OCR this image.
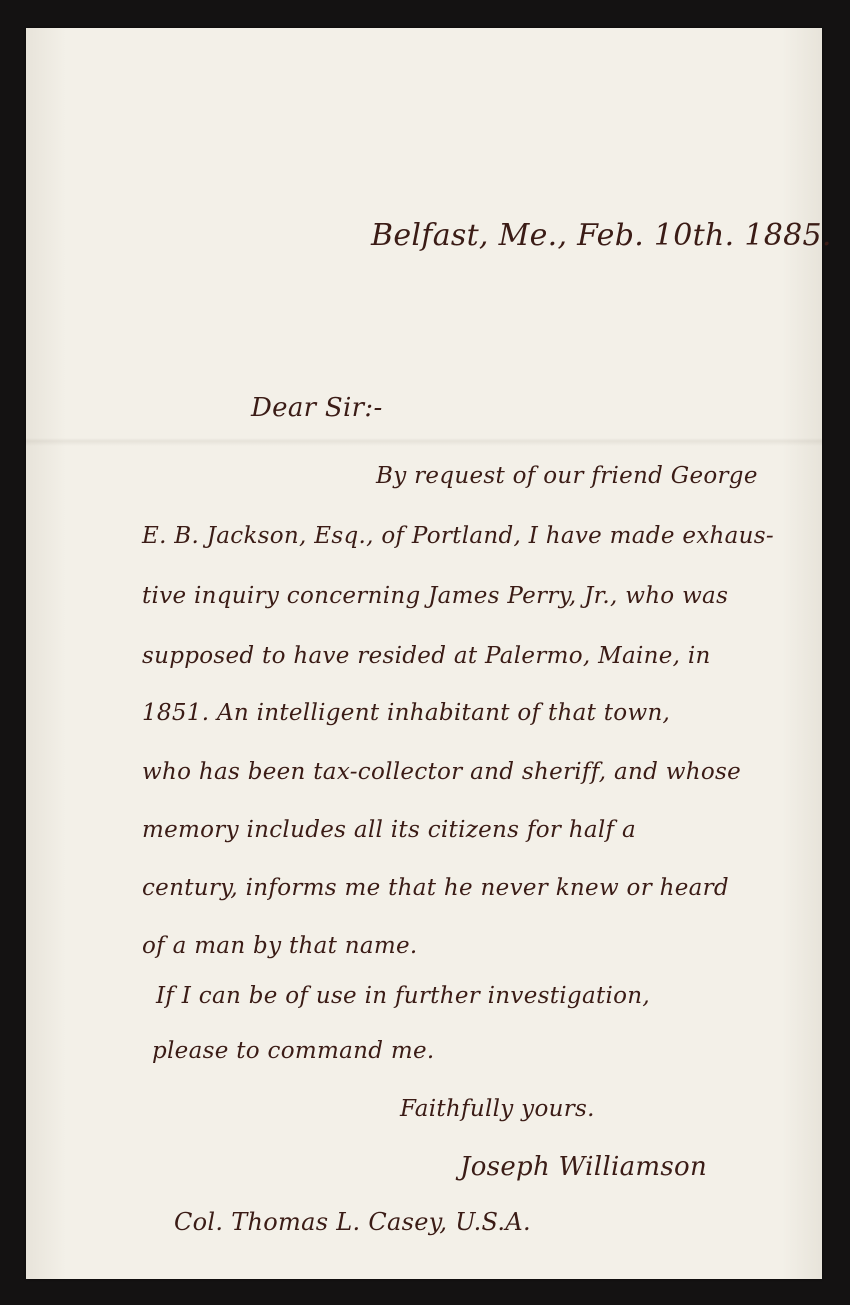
Belfast, Me., Feb. 10th. 1885.
Dear Sir:-
By request of our friend George
E. B. Jackson, Esq., of Portland, I have made exhaus-
tive inquiry concerning James Perry, Jr., who was
supposed to have resided at Palermo, Maine, in
1851. An intelligent inhabitant of that town,
who has been tax-collector and sheriff, and whose
memory includes all its citizens for half a
century, informs me that he never knew or heard
of a man by that name.
If I can be of use in further investigation,
please to command me.
Faithfully yours.
Joseph Williamson
Col. Thomas L. Casey, U.S.A.
